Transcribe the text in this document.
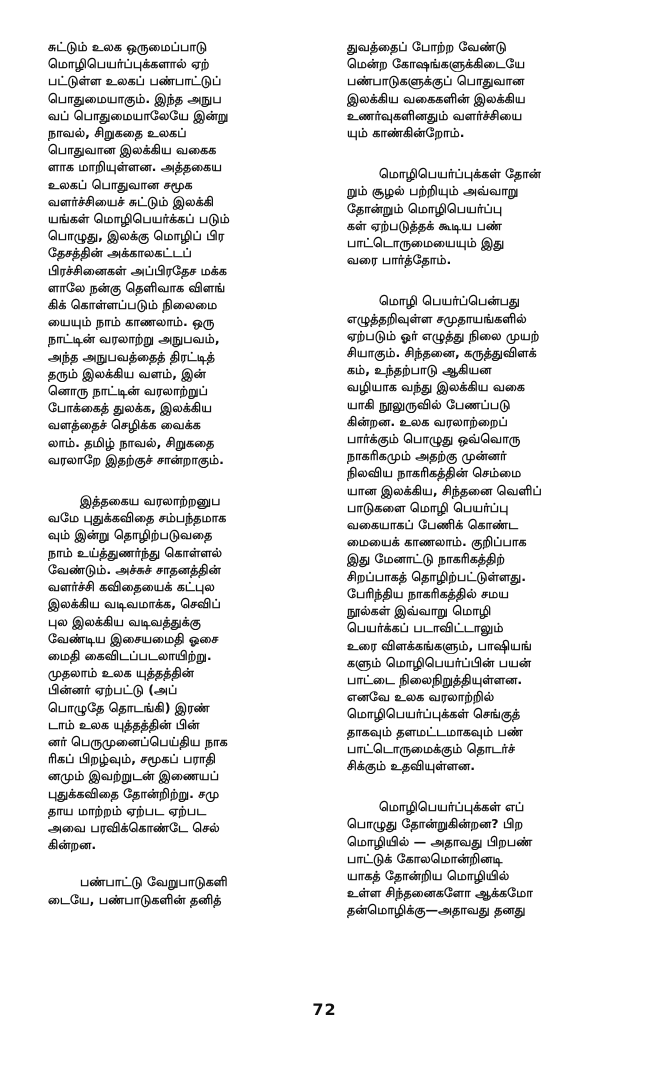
சுட்டும் உலக ஒருமைப்பாடு
மொழிபெயர்ப்புக்களால் ஏற்
பட்டுள்ள உலகப் பண்பாட்டுப்
பொதுமையாகும். இந்த அநுப
வப் பொதுமையாலேயே இன்று
நாவல், சிறுகதை உலகப்
பொதுவான இலக்கிய வகைக
ளாக மாறியுள்ளன. அத்தகைய
உலகப் பொதுவான சமூக
வளர்ச்சியைச் சுட்டும் இலக்கி
யங்கள் மொழிபெயர்க்கப் படும்
பொழுது, இலக்கு மொழிப் பிர
தேசத்தின் அக்காலகட்டப்
பிரச்சினைகள் அப்பிரதேச மக்க
ளாலே நன்கு தெளிவாக விளங்
கிக் கொள்ளப்படும் நிலைமை
யையும் நாம் காணலாம். ஒரு
நாட்டின் வரலாற்று அநுபவம்,
அந்த அநுபவத்தைத் திரட்டித்
தரும் இலக்கிய வளம், இன்
னொரு நாட்டின் வரலாற்றுப்
போக்கைத் துலக்க, இலக்கிய
வளத்தைச் செழிக்க வைக்க
லாம். தமிழ் நாவல், சிறுகதை
வரலாறே இதற்குச் சான்றாகும்.

இத்தகைய வரலாற்றனுப
வமே புதுக்கவிதை சம்பந்தமாக
வும் இன்று தொழிற்படுவதை
நாம் உய்த்துணர்ந்து கொள்ளல்
வேண்டும். அச்சுச் சாதனத்தின்
வளர்ச்சி கவிதையைக் கட்புல
இலக்கிய வடிவமாக்க, செவிப்
புல இலக்கிய வடிவத்துக்கு
வேண்டிய இசையமைதி ஓசை
மைதி கைவிடப்படலாயிற்று.
முதலாம் உலக யுத்தத்தின்
பின்னர் ஏற்பட்டு (அப்
பொழுதே தொடங்கி) இரண்
டாம் உலக யுத்தத்தின் பின்
னர் பெருமுனைப்பெய்திய நாக
ரிகப் பிறழ்வும், சமூகப் பராதி
னமும் இவற்றுடன் இணையப்
புதுக்கவிதை தோன்றிற்று. சமு
தாய மாற்றம் ஏற்பட ஏற்பட
அவை பரவிக்கொண்டே செல்
கின்றன.

பண்பாட்டு வேறுபாடுகளி
டையே, பண்பாடுகளின் தனித்

துவத்தைப் போற்ற வேண்டு
மென்ற கோஷங்களுக்கிடையே
பண்பாடுகளுக்குப் பொதுவான
இலக்கிய வகைகளின் இலக்கிய
உணர்வுகளினதும் வளர்ச்சியை
யும் காண்கின்றோம்.

மொழிபெயர்ப்புக்கள் தோன்
றும் சூழல் பற்றியும் அவ்வாறு
தோன்றும் மொழிபெயர்ப்பு
கள் ஏற்படுத்தக் கூடிய பண்
பாட்டொருமையையும் இது
வரை பார்த்தோம்.

மொழி பெயர்ப்பென்பது
எழுத்தறிவுள்ள சமுதாயங்களில்
ஏற்படும் ஓர் எழுத்து நிலை முயற்
சியாகும். சிந்தனை, கருத்துவிளக்
கம், உந்தற்பாடு ஆகியன
வழியாக வந்து இலக்கிய வகை
யாகி நூலுருவில் பேணப்படு
கின்றன. உலக வரலாற்றைப்
பார்க்கும் பொழுது ஒவ்வொரு
நாகரிகமும் அதற்கு முன்னர்
நிலவிய நாகரிகத்தின் செம்மை
யான இலக்கிய, சிந்தனை வெளிப்
பாடுகளை மொழி பெயர்ப்பு
வகையாகப் பேணிக் கொண்ட
மையைக் காணலாம். குறிப்பாக
இது மேனாட்டு நாகரிகத்திற்
சிறப்பாகத் தொழிற்பட்டுள்ளது.
பேரிந்திய நாகரிகத்தில் சமய
நூல்கள் இவ்வாறு மொழி
பெயர்க்கப் படாவிட்டாலும்
உரை விளக்கங்களும், பாஷியங்
களும் மொழிபெயர்ப்பின் பயன்
பாட்டை நிலைநிறுத்தியுள்ளன.
எனவே உலக வரலாற்றில்
மொழிபெயர்ப்புக்கள் செங்குத்
தாகவும் தளமட்டமாகவும் பண்
பாட்டொருமைக்கும் தொடர்ச்
சிக்கும் உதவியுள்ளன.

மொழிபெயர்ப்புக்கள் எப்
பொழுது தோன்றுகின்றன? பிற
மொழியில் — அதாவது பிறபண்
பாட்டுக் கோலமொன்றினடி
யாகத் தோன்றிய மொழியில்
உள்ள சிந்தனைகளோ ஆக்கமோ
தன்மொழிக்கு—அதாவது தனது

72
